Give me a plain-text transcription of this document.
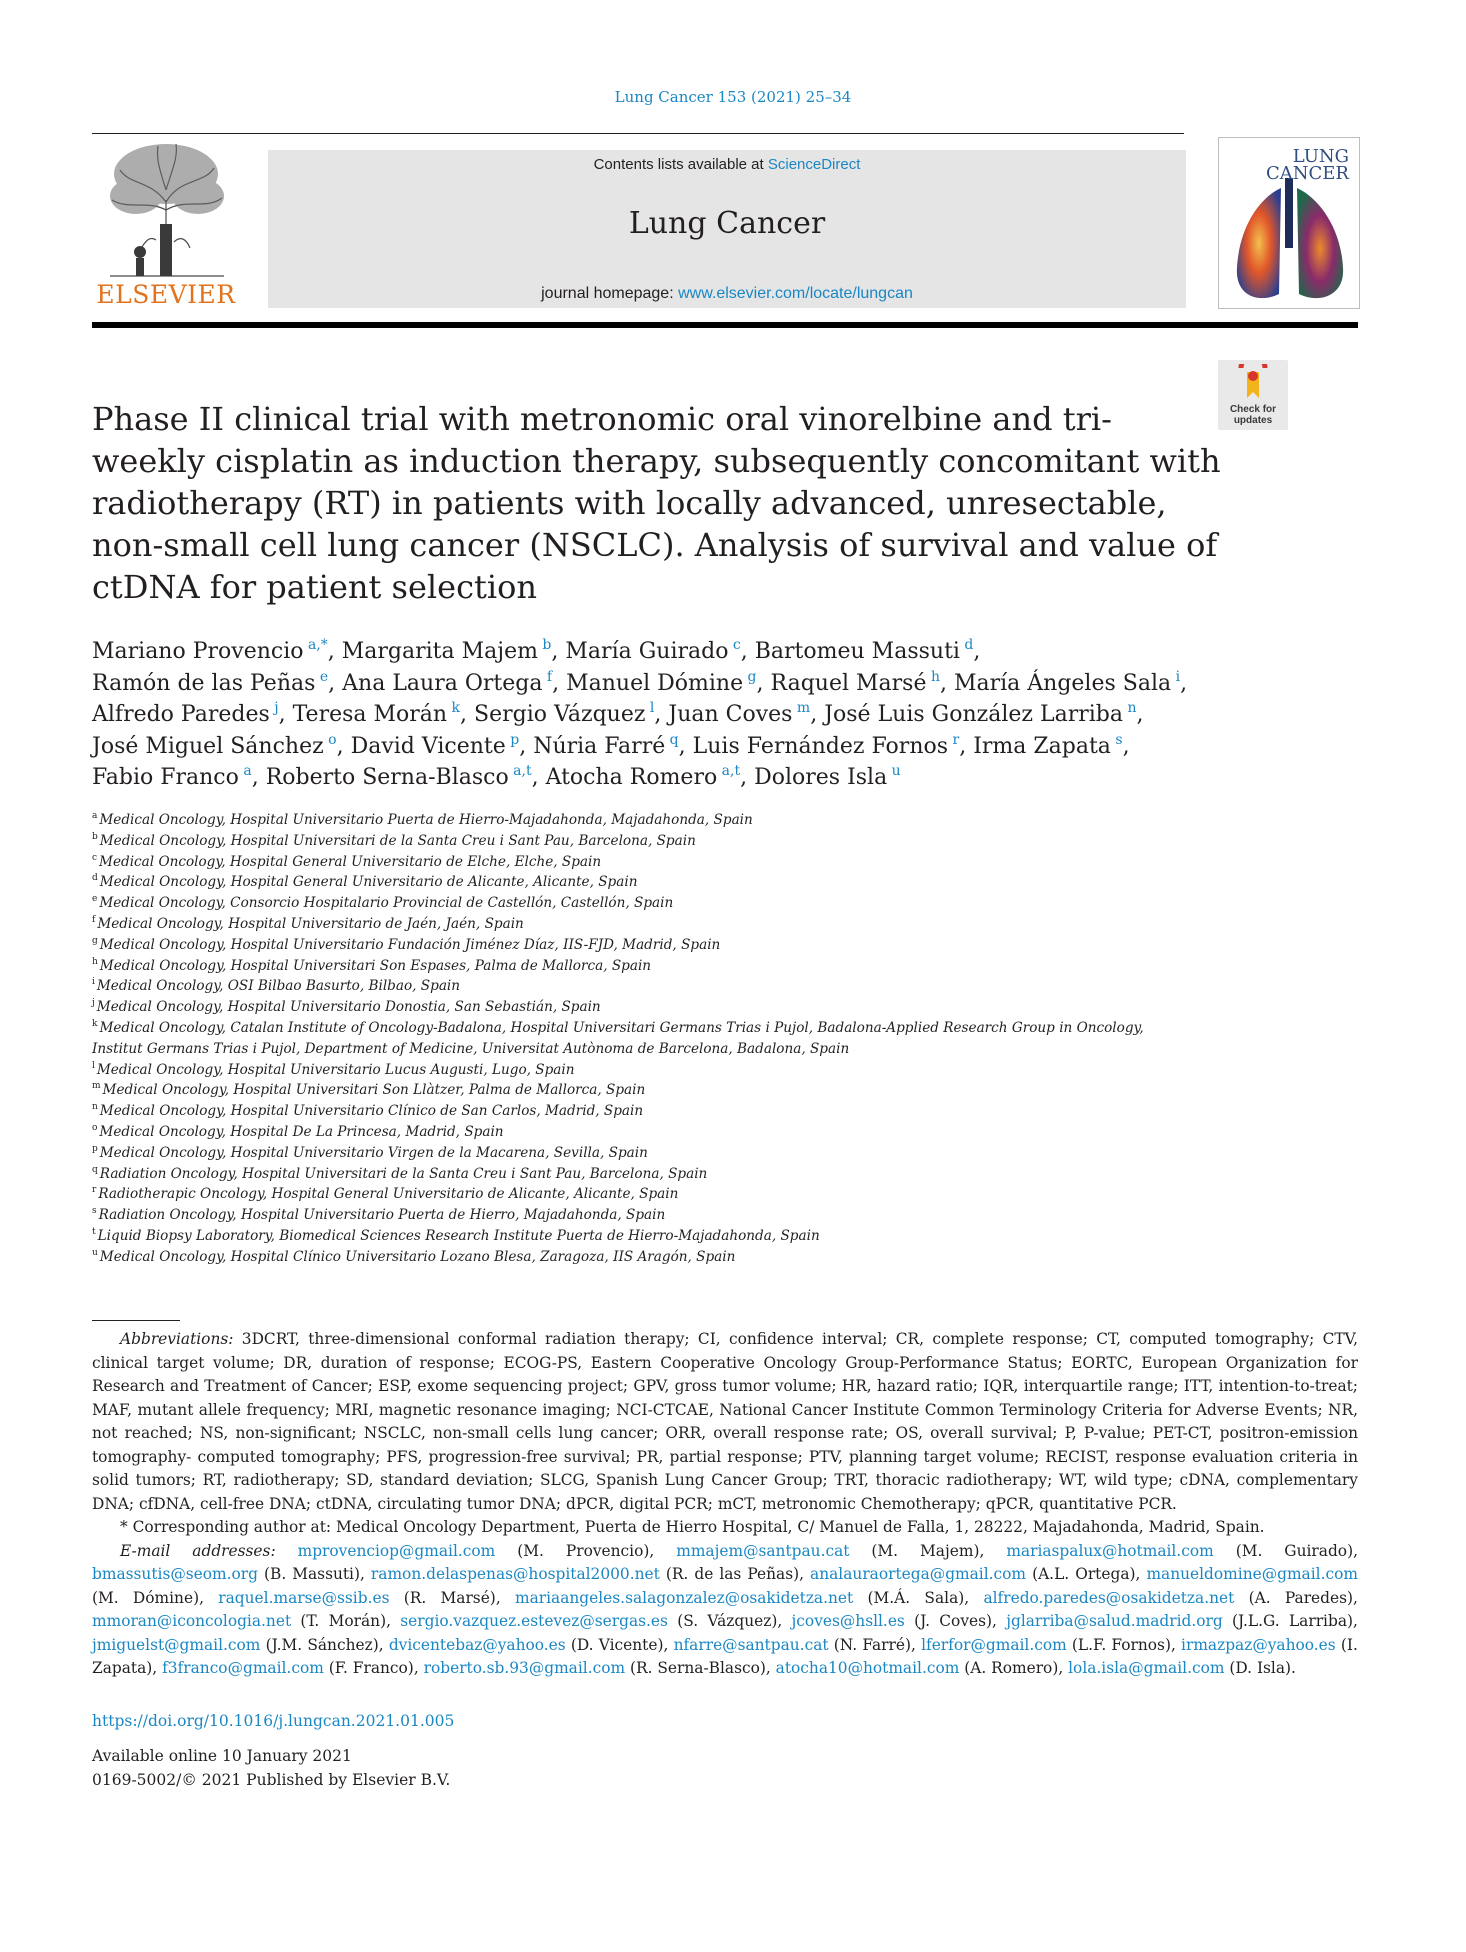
Lung Cancer 153 (2021) 25–34
ELSEVIER
Contents lists available at ScienceDirect
Lung Cancer
journal homepage: www.elsevier.com/locate/lungcan
LUNG
CANCER
Check for
updates
Phase II clinical trial with metronomic oral vinorelbine and tri-weekly cisplatin as induction therapy, subsequently concomitant with radiotherapy (RT) in patients with locally advanced, unresectable, non-small cell lung cancer (NSCLC). Analysis of survival and value of ctDNA for patient selection
Mariano Provencio $^{a,*}$, Margarita Majem $^b$, María Guirado $^c$, Bartomeu Massuti $^d$, Ramón de las Peñas $^e$, Ana Laura Ortega $^f$, Manuel Dómine $^g$, Raquel Marsé $^h$, María Ángeles Sala $^i$, Alfredo Paredes $^j$, Teresa Morán $^k$, Sergio Vázquez $^l$, Juan Coves $^m$, José Luis González Larriba $^n$, José Miguel Sánchez $^o$, David Vicente $^p$, Núria Farré $^q$, Luis Fernández Fornos $^r$, Irma Zapata $^s$, Fabio Franco $^a$, Roberto Serna-Blasco $^{a,t}$, Atocha Romero $^{a,t}$, Dolores Isla $^u$
$^a$ Medical Oncology, Hospital Universitario Puerta de Hierro-Majadahonda, Majadahonda, Spain
$^b$ Medical Oncology, Hospital Universitari de la Santa Creu i Sant Pau, Barcelona, Spain
$^c$ Medical Oncology, Hospital General Universitario de Elche, Elche, Spain
$^d$ Medical Oncology, Hospital General Universitario de Alicante, Alicante, Spain
$^e$ Medical Oncology, Consorcio Hospitalario Provincial de Castellón, Castellón, Spain
$^f$ Medical Oncology, Hospital Universitario de Jaén, Jaén, Spain
$^g$ Medical Oncology, Hospital Universitario Fundación Jiménez Díaz, IIS-FJD, Madrid, Spain
$^h$ Medical Oncology, Hospital Universitari Son Espases, Palma de Mallorca, Spain
$^i$ Medical Oncology, OSI Bilbao Basurto, Bilbao, Spain
$^j$ Medical Oncology, Hospital Universitario Donostia, San Sebastián, Spain
$^k$ Medical Oncology, Catalan Institute of Oncology-Badalona, Hospital Universitari Germans Trias i Pujol, Badalona-Applied Research Group in Oncology, Institut Germans Trias i Pujol, Department of Medicine, Universitat Autònoma de Barcelona, Badalona, Spain
$^l$ Medical Oncology, Hospital Universitario Lucus Augusti, Lugo, Spain
$^m$ Medical Oncology, Hospital Universitari Son Llàtzer, Palma de Mallorca, Spain
$^n$ Medical Oncology, Hospital Universitario Clínico de San Carlos, Madrid, Spain
$^o$ Medical Oncology, Hospital De La Princesa, Madrid, Spain
$^p$ Medical Oncology, Hospital Universitario Virgen de la Macarena, Sevilla, Spain
$^q$ Radiation Oncology, Hospital Universitari de la Santa Creu i Sant Pau, Barcelona, Spain
$^r$ Radiotherapic Oncology, Hospital General Universitario de Alicante, Alicante, Spain
$^s$ Radiation Oncology, Hospital Universitario Puerta de Hierro, Majadahonda, Spain
$^t$ Liquid Biopsy Laboratory, Biomedical Sciences Research Institute Puerta de Hierro-Majadahonda, Spain
$^u$ Medical Oncology, Hospital Clínico Universitario Lozano Blesa, Zaragoza, IIS Aragón, Spain

Abbreviations: 3DCRT, three-dimensional conformal radiation therapy; CI, confidence interval; CR, complete response; CT, computed tomography; CTV, clinical target volume; DR, duration of response; ECOG-PS, Eastern Cooperative Oncology Group-Performance Status; EORTC, European Organization for Research and Treatment of Cancer; ESP, exome sequencing project; GPV, gross tumor volume; HR, hazard ratio; IQR, interquartile range; ITT, intention-to-treat; MAF, mutant allele frequency; MRI, magnetic resonance imaging; NCI-CTCAE, National Cancer Institute Common Terminology Criteria for Adverse Events; NR, not reached; NS, non-significant; NSCLC, non-small cells lung cancer; ORR, overall response rate; OS, overall survival; P, P-value; PET-CT, positron-emission tomography- computed tomography; PFS, progression-free survival; PR, partial response; PTV, planning target volume; RECIST, response evaluation criteria in solid tumors; RT, radiotherapy; SD, standard deviation; SLCG, Spanish Lung Cancer Group; TRT, thoracic radiotherapy; WT, wild type; cDNA, complementary DNA; cfDNA, cell-free DNA; ctDNA, circulating tumor DNA; dPCR, digital PCR; mCT, metronomic Chemotherapy; qPCR, quantitative PCR.

* Corresponding author at: Medical Oncology Department, Puerta de Hierro Hospital, C/ Manuel de Falla, 1, 28222, Majadahonda, Madrid, Spain.

E-mail addresses: mprovenciop@gmail.com (M. Provencio), mmajem@santpau.cat (M. Majem), mariaspalux@hotmail.com (M. Guirado), bmassutis@seom.org (B. Massuti), ramon.delaspenas@hospital2000.net (R. de las Peñas), analauraortega@gmail.com (A.L. Ortega), manueldomine@gmail.com (M. Dómine), raquel.marse@ssib.es (R. Marsé), mariaangeles.salagonzalez@osakidetza.net (M.Á. Sala), alfredo.paredes@osakidetza.net (A. Paredes), mmoran@iconcologia.net (T. Morán), sergio.vazquez.estevez@sergas.es (S. Vázquez), jcoves@hsll.es (J. Coves), jglarriba@salud.madrid.org (J.L.G. Larriba), jmiguelst@gmail.com (J.M. Sánchez), dvicentebaz@yahoo.es (D. Vicente), nfarre@santpau.cat (N. Farré), lferfor@gmail.com (L.F. Fornos), irmazpaz@yahoo.es (I. Zapata), f3franco@gmail.com (F. Franco), roberto.sb.93@gmail.com (R. Serna-Blasco), atocha10@hotmail.com (A. Romero), lola.isla@gmail.com (D. Isla).

https://doi.org/10.1016/j.lungcan.2021.01.005
Available online 10 January 2021
0169-5002/© 2021 Published by Elsevier B.V.
